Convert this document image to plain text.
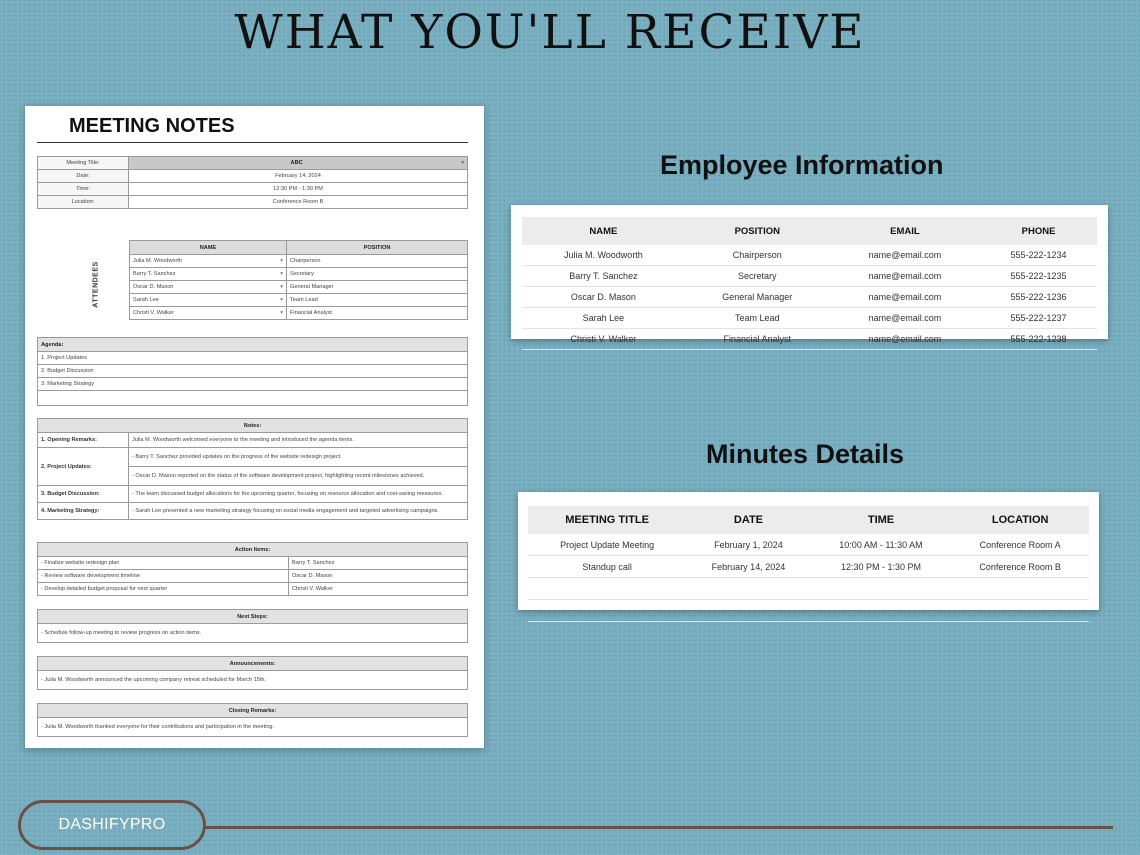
WHAT YOU'LL RECEIVE
MEETING NOTES
Meeting Title:	ABC ▾

Date:	February 14, 2024
Time:	12:30 PM - 1:30 PM
Location:	Conference Room B
ATTENDEES
NAME	POSITION
Julia M. Woodworth ▾	Chairperson
Barry T. Sanchez ▾	Secretary
Oscar D. Mason ▾	General Manager
Sarah Lee ▾	Team Lead
Christi V. Walker ▾	Financial Analyst
Agenda:
1. Project Updates
2. Budget Discussion
3. Marketing Strategy

Notes:	
1. Opening Remarks:	Julia M. Woodworth welcomed everyone to the meeting and introduced the agenda items.
2. Project Updates:	- Barry T. Sanchez provided updates on the progress of the website redesign project.
	- Oscar D. Mason reported on the status of the software development project, highlighting recent milestones achieved.
3. Budget Discussion:	- The team discussed budget allocations for the upcoming quarter, focusing on resource allocation and cost-saving measures.
4. Marketing Strategy:	- Sarah Lee presented a new marketing strategy focusing on social media engagement and targeted advertising campaigns.
Action Items:	
- Finalize website redesign plan	Barry T. Sanchez
- Review software development timeline	Oscar D. Mason
- Develop detailed budget proposal for next quarter	Christi V. Walker
Next Steps:
- Schedule follow-up meeting to review progress on action items.
Announcements:
- Julia M. Woodworth announced the upcoming company retreat scheduled for March 15th.
Closing Remarks:
- Julia M. Woodworth thanked everyone for their contributions and participation in the meeting.
Employee Information
NAME	POSITION	EMAIL	PHONE
Julia M. Woodworth	Chairperson	name@email.com	555-222-1234
Barry T. Sanchez	Secretary	name@email.com	555-222-1235
Oscar D. Mason	General Manager	name@email.com	555-222-1236
Sarah Lee	Team Lead	name@email.com	555-222-1237
Christi V. Walker	Financial Analyst	name@email.com	555-222-1238
Minutes Details
MEETING TITLE	DATE	TIME	LOCATION
Project Update Meeting	February 1, 2024	10:00 AM - 11:30 AM	Conference Room A
Standup call	February 14, 2024	12:30 PM - 1:30 PM	Conference Room B

DASHIFYPRO
